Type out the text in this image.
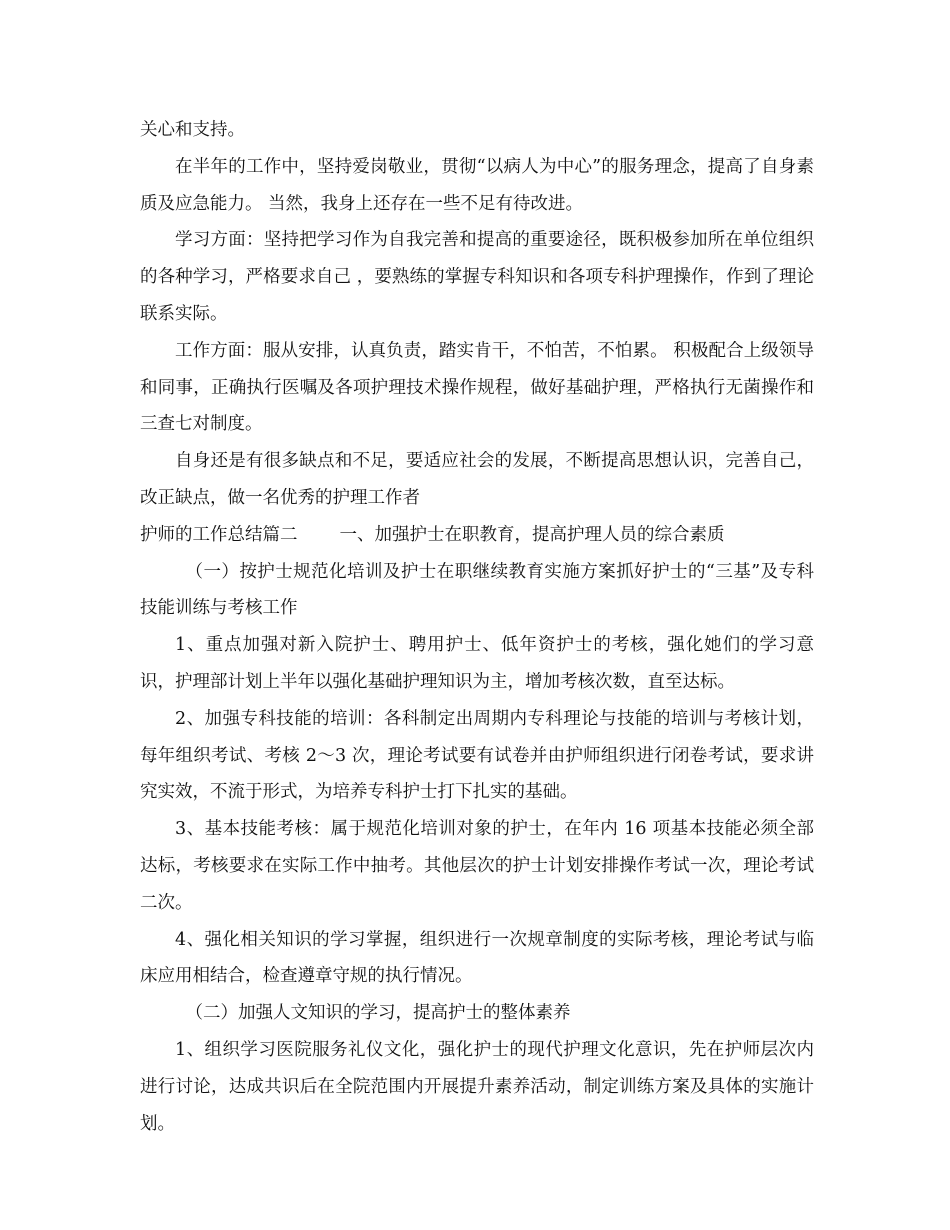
关心和支持。

在半年的工作中，坚持爱岗敬业，贯彻“以病人为中心”的服务理念，提高了自身素质及应急能力。 当然，我身上还存在一些不足有待改进。

学习方面：坚持把学习作为自我完善和提高的重要途径，既积极参加所在单位组织的各种学习，严格要求自己 ，要熟练的掌握专科知识和各项专科护理操作，作到了理论联系实际。

工作方面：服从安排，认真负责，踏实肯干，不怕苦，不怕累。 积极配合上级领导和同事，正确执行医嘱及各项护理技术操作规程，做好基础护理，严格执行无菌操作和三查七对制度。

自身还是有很多缺点和不足，要适应社会的发展，不断提高思想认识，完善自己，改正缺点，做一名优秀的护理工作者

护师的工作总结篇二 一、加强护士在职教育，提高护理人员的综合素质

（一）按护士规范化培训及护士在职继续教育实施方案抓好护士的“三基”及专科技能训练与考核工作

1、重点加强对新入院护士、聘用护士、低年资护士的考核，强化她们的学习意识，护理部计划上半年以强化基础护理知识为主，增加考核次数，直至达标。

2、加强专科技能的培训：各科制定出周期内专科理论与技能的培训与考核计划，每年组织考试、考核 2～3 次，理论考试要有试卷并由护师组织进行闭卷考试，要求讲究实效，不流于形式，为培养专科护士打下扎实的基础。

3、基本技能考核：属于规范化培训对象的护士，在年内 16 项基本技能必须全部达标，考核要求在实际工作中抽考。其他层次的护士计划安排操作考试一次，理论考试二次。

4、强化相关知识的学习掌握，组织进行一次规章制度的实际考核，理论考试与临床应用相结合，检查遵章守规的执行情况。

（二）加强人文知识的学习，提高护士的整体素养

1、组织学习医院服务礼仪文化，强化护士的现代护理文化意识，先在护师层次内进行讨论，达成共识后在全院范围内开展提升素养活动，制定训练方案及具体的实施计划。
